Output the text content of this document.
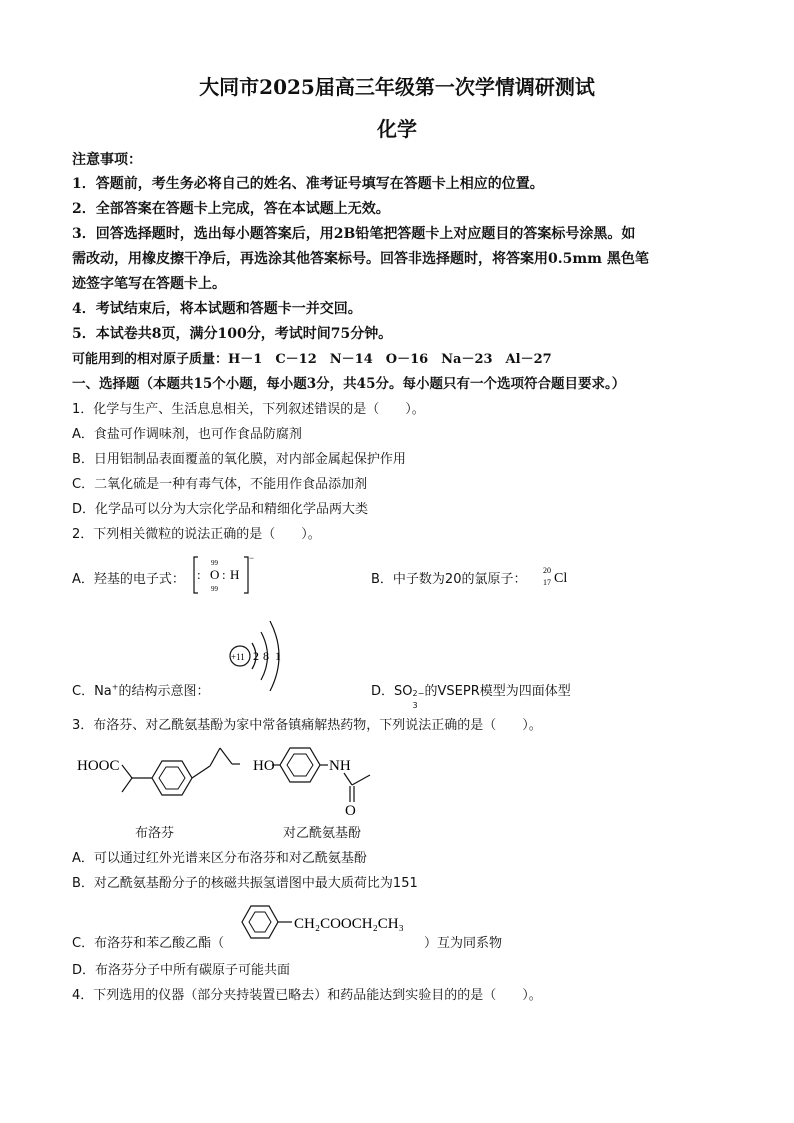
大同市2025届高三年级第一次学情调研测试
化学
注意事项：
1．答题前，考生务必将自己的姓名、准考证号填写在答题卡上相应的位置。
2．全部答案在答题卡上完成，答在本试题上无效。
3．回答选择题时，选出每小题答案后，用2B铅笔把答题卡上对应题目的答案标号涂黑。如
需改动，用橡皮擦干净后，再选涂其他答案标号。回答非选择题时，将答案用0.5mm 黑色笔
迹签字笔写在答题卡上。
4．考试结束后，将本试题和答题卡一并交回。
5．本试卷共8页，满分100分，考试时间75分钟。
可能用到的相对原子质量：H－1　C－12　N－14　O－16　Na－23　Al－27
一、选择题（本题共15个小题，每小题3分，共45分。每小题只有一个选项符合题目要求。）
1．化学与生产、生活息息相关，下列叙述错误的是（　　）。
A．食盐可作调味剂，也可作食品防腐剂
B．日用铝制品表面覆盖的氧化膜，对内部金属起保护作用
C．二氧化硫是一种有毒气体，不能用作食品添加剂
D．化学品可以分为大宗化学品和精细化学品两大类
2．下列相关微粒的说法正确的是（　　）。
A．羟基的电子式：
99
: O : H
99
−
B．中子数为20的氯原子：
20
17 Cl
+11 2 8 1
C．Na+的结构示意图：	D．SO 2−
3
的VSEPR模型为四面体型
3．布洛芬、对乙酰氨基酚为家中常备镇痛解热药物，下列说法正确的是（　　）。
HOOC	HO	NH
O
布洛芬	对乙酰氨基酚
A．可以通过红外光谱来区分布洛芬和对乙酰氨基酚
B．对乙酰氨基酚分子的核磁共振氢谱图中最大质荷比为151
C．布洛芬和苯乙酸乙酯（
CH₂COOCH₂CH₃
）互为同系物
D．布洛芬分子中所有碳原子可能共面
4．下列选用的仪器（部分夹持装置已略去）和药品能达到实验目的的是（　　）。
